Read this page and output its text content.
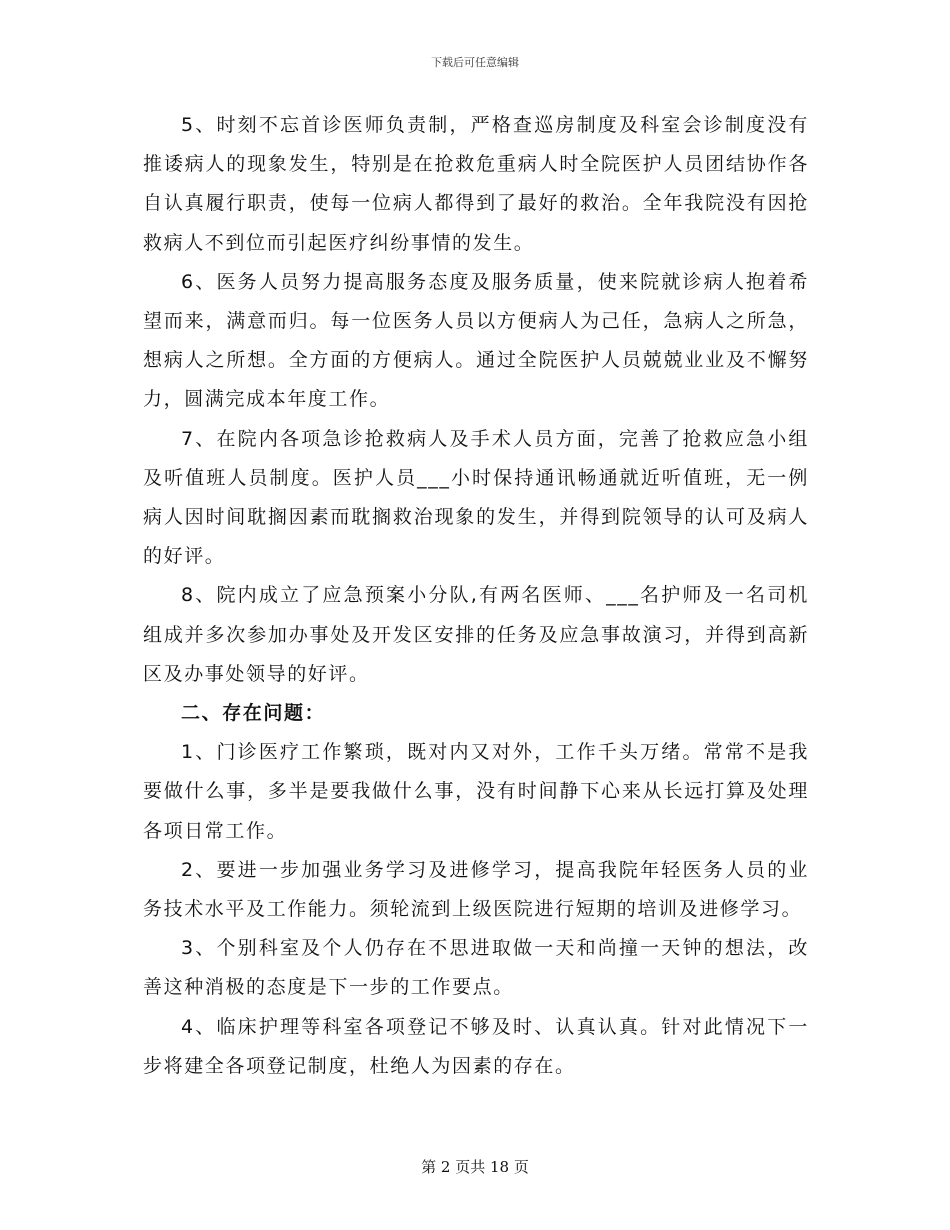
下载后可任意编辑

5、时刻不忘首诊医师负责制，严格查巡房制度及科室会诊制度没有推诿病人的现象发生，特别是在抢救危重病人时全院医护人员团结协作各自认真履行职责，使每一位病人都得到了最好的救治。全年我院没有因抢救病人不到位而引起医疗纠纷事情的发生。

6、医务人员努力提高服务态度及服务质量，使来院就诊病人抱着希望而来，满意而归。每一位医务人员以方便病人为己任，急病人之所急，想病人之所想。全方面的方便病人。通过全院医护人员兢兢业业及不懈努力，圆满完成本年度工作。

7、在院内各项急诊抢救病人及手术人员方面，完善了抢救应急小组及听值班人员制度。医护人员___小时保持通讯畅通就近听值班，无一例病人因时间耽搁因素而耽搁救治现象的发生，并得到院领导的认可及病人的好评。

8、院内成立了应急预案小分队,有两名医师、___名护师及一名司机组成并多次参加办事处及开发区安排的任务及应急事故演习，并得到高新区及办事处领导的好评。

二、存在问题：

1、门诊医疗工作繁琐，既对内又对外，工作千头万绪。常常不是我要做什么事，多半是要我做什么事，没有时间静下心来从长远打算及处理各项日常工作。

2、要进一步加强业务学习及进修学习，提高我院年轻医务人员的业务技术水平及工作能力。须轮流到上级医院进行短期的培训及进修学习。

3、个别科室及个人仍存在不思进取做一天和尚撞一天钟的想法，改善这种消极的态度是下一步的工作要点。

4、临床护理等科室各项登记不够及时、认真认真。针对此情况下一步将建全各项登记制度，杜绝人为因素的存在。

第 2 页共 18 页
